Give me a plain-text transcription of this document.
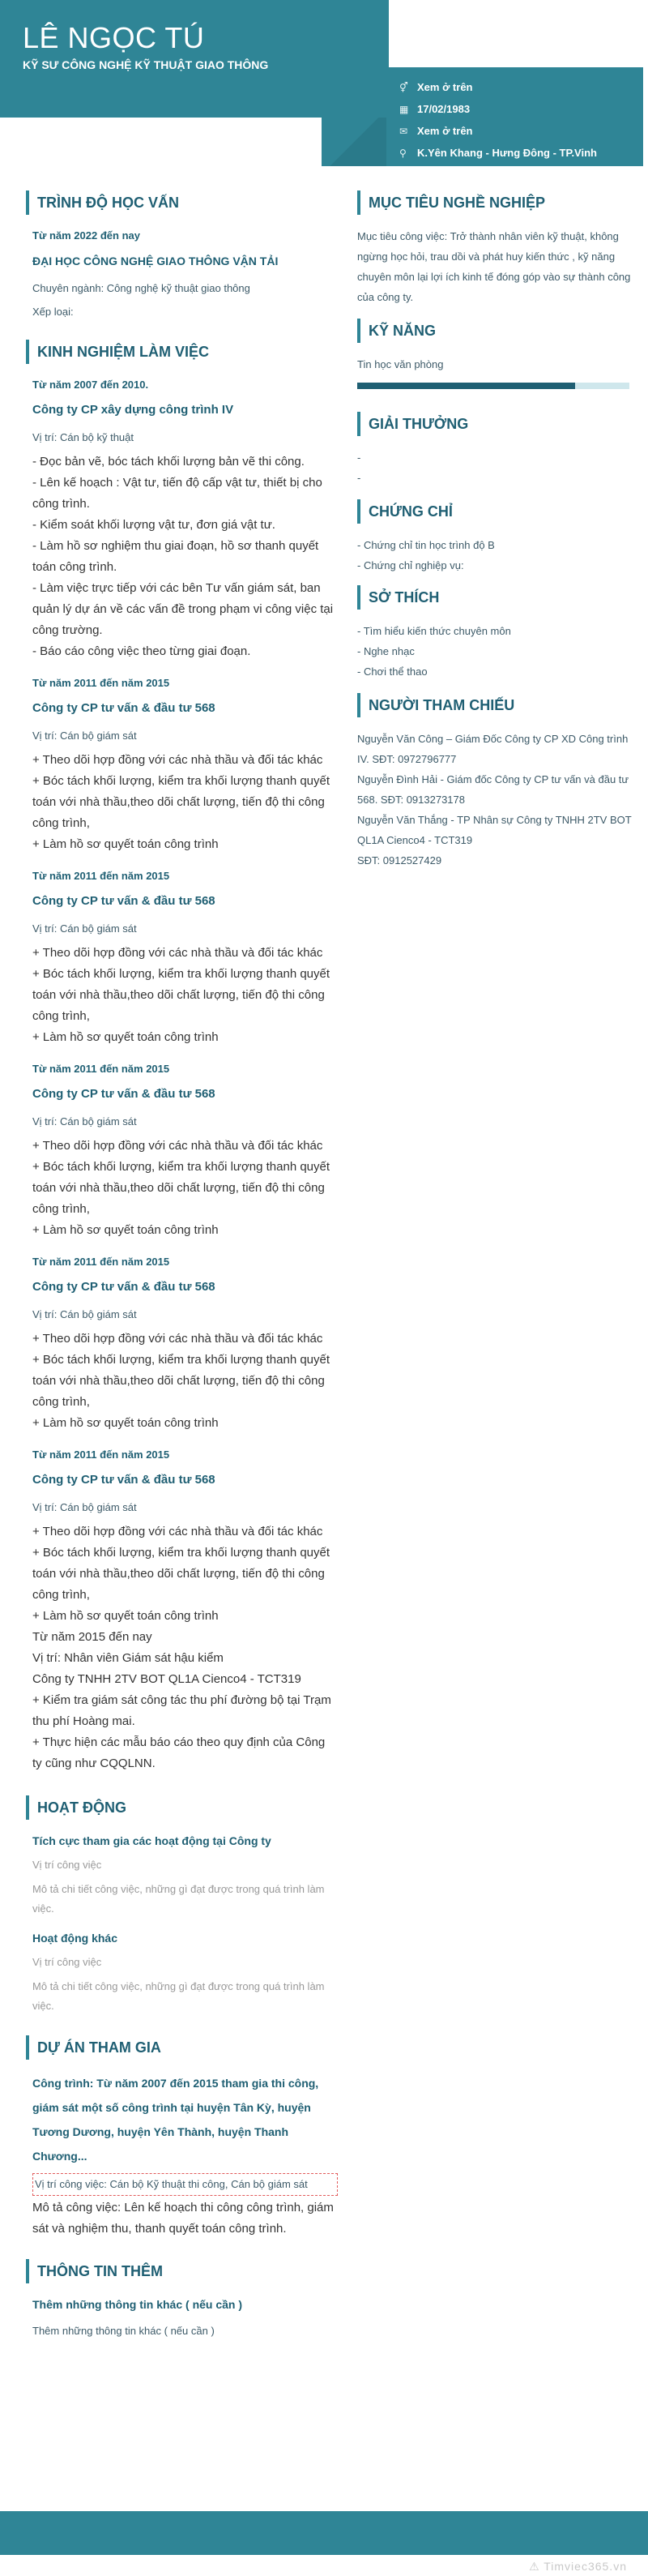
LÊ NGỌC TÚ
KỸ SƯ CÔNG NGHỆ KỸ THUẬT GIAO THÔNG
⚥ Xem ở trên
▦ 17/02/1983
✉ Xem ở trên
⚲	K.Yên Khang - Hưng Đông - TP.Vinh
TRÌNH ĐỘ HỌC VẤN
Từ năm 2022 đến nay
ĐẠI HỌC CÔNG NGHỆ GIAO THÔNG VẬN TẢI
Chuyên ngành: Công nghệ kỹ thuật giao thông
Xếp loại:
KINH NGHIỆM LÀM VIỆC
Từ năm 2007 đến 2010.
Công ty CP xây dựng công trình IV
Vị trí: Cán bộ kỹ thuật
- Đọc bản vẽ, bóc tách khối lượng bản vẽ thi công.
- Lên kế hoạch : Vật tư, tiến độ cấp vật tư, thiết bị cho công trình.
- Kiểm soát khối lượng vật tư, đơn giá vật tư.
- Làm hồ sơ nghiệm thu giai đoạn, hồ sơ thanh quyết toán công trình.
- Làm việc trực tiếp với các bên Tư vấn giám sát, ban quản lý dự án về các vấn đề trong phạm vi công việc tại công trường.
- Báo cáo công việc theo từng giai đoạn.
Từ năm 2011 đến năm 2015
Công ty CP tư vấn & đầu tư 568
Vị trí: Cán bộ giám sát
+ Theo dõi hợp đồng với các nhà thầu và đối tác khác
+ Bóc tách khối lượng, kiểm tra khối lượng thanh quyết toán với nhà thầu,theo dõi chất lượng, tiến độ thi công công trình,
+ Làm hồ sơ quyết toán công trình
Từ năm 2011 đến năm 2015
Công ty CP tư vấn & đầu tư 568
Vị trí: Cán bộ giám sát
+ Theo dõi hợp đồng với các nhà thầu và đối tác khác
+ Bóc tách khối lượng, kiểm tra khối lượng thanh quyết toán với nhà thầu,theo dõi chất lượng, tiến độ thi công công trình,
+ Làm hồ sơ quyết toán công trình
Từ năm 2011 đến năm 2015
Công ty CP tư vấn & đầu tư 568
Vị trí: Cán bộ giám sát
+ Theo dõi hợp đồng với các nhà thầu và đối tác khác
+ Bóc tách khối lượng, kiểm tra khối lượng thanh quyết toán với nhà thầu,theo dõi chất lượng, tiến độ thi công công trình,
+ Làm hồ sơ quyết toán công trình
Từ năm 2011 đến năm 2015
Công ty CP tư vấn & đầu tư 568
Vị trí: Cán bộ giám sát
+ Theo dõi hợp đồng với các nhà thầu và đối tác khác
+ Bóc tách khối lượng, kiểm tra khối lượng thanh quyết toán với nhà thầu,theo dõi chất lượng, tiến độ thi công công trình,
+ Làm hồ sơ quyết toán công trình
Từ năm 2011 đến năm 2015
Công ty CP tư vấn & đầu tư 568
Vị trí: Cán bộ giám sát
+ Theo dõi hợp đồng với các nhà thầu và đối tác khác
+ Bóc tách khối lượng, kiểm tra khối lượng thanh quyết toán với nhà thầu,theo dõi chất lượng, tiến độ thi công công trình,
+ Làm hồ sơ quyết toán công trình
Từ năm 2015 đến nay
Vị trí: Nhân viên Giám sát hậu kiểm
Công ty TNHH 2TV BOT QL1A Cienco4 - TCT319
+ Kiểm tra giám sát công tác thu phí đường bộ tại Trạm thu phí Hoàng mai.
+ Thực hiện các mẫu báo cáo theo quy định của Công ty cũng như CQQLNN.
HOẠT ĐỘNG
Tích cực tham gia các hoạt động tại Công ty
Vị trí công việc
Mô tả chi tiết công việc, những gì đạt được trong quá trình làm việc.
Hoạt động khác
Vị trí công việc
Mô tả chi tiết công việc, những gì đạt được trong quá trình làm việc.
DỰ ÁN THAM GIA
Công trình: Từ năm 2007 đến 2015 tham gia thi công, giám sát một số công trình tại huyện Tân Kỳ, huyện Tương Dương, huyện Yên Thành, huyện Thanh Chương...
Vị trí công việc: Cán bộ Kỹ thuật thi công, Cán bộ giám sát
Mô tả công việc: Lên kế hoạch thi công công trình, giám sát và nghiệm thu, thanh quyết toán công trình.
THÔNG TIN THÊM
Thêm những thông tin khác ( nếu cần )
Thêm những thông tin khác ( nếu cần )
MỤC TIÊU NGHỀ NGHIỆP
Mục tiêu công việc: Trở thành nhân viên kỹ thuật, không ngừng học hỏi, trau dồi và phát huy kiến thức , kỹ năng chuyên môn lại lợi ích kinh tế đóng góp vào sự thành công của công ty.
KỸ NĂNG
Tin học văn phòng
GIẢI THƯỞNG
-
-
CHỨNG CHỈ
- Chứng chỉ tin học trình độ B
- Chứng chỉ nghiệp vụ:
SỞ THÍCH
- Tìm hiểu kiến thức chuyên môn
- Nghe nhạc
- Chơi thể thao
NGƯỜI THAM CHIẾU
Nguyễn Văn Công – Giám Đốc Công ty CP XD Công trình IV. SĐT: 0972796777
Nguyễn Đình Hải - Giám đốc Công ty CP tư vấn và đầu tư 568. SĐT: 0913273178
Nguyễn Văn Thắng - TP Nhân sự Công ty TNHH 2TV BOT QL1A Cienco4 - TCT319
SĐT: 0912527429
⚠ Timviec365.vn
